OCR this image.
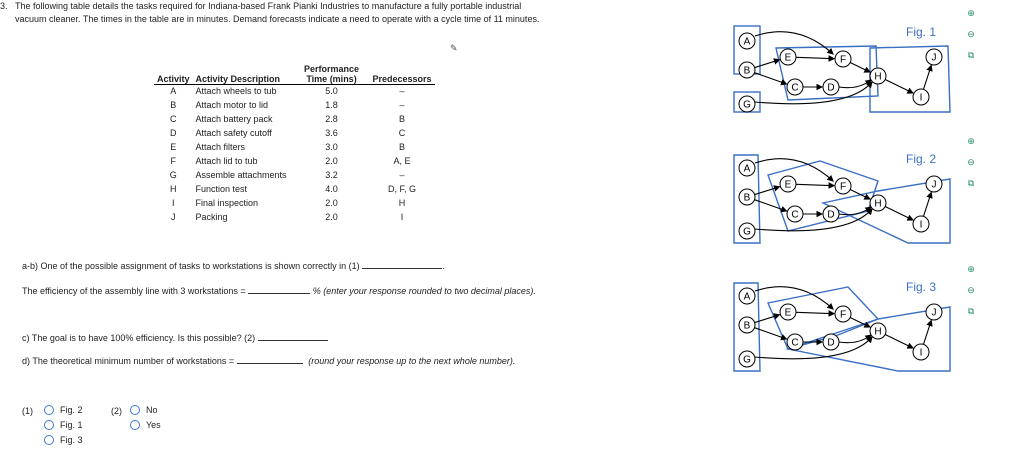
3. The following table details the tasks required for Indiana-based Frank Pianki Industries to manufacture a fully portable industrial vacuum cleaner. The times in the table are in minutes. Demand forecasts indicate a need to operate with a cycle time of 11 minutes.
✎
Activity	Activity Description	Performance Time (mins)	Predecessors
A	Attach wheels to tub	5.0	–
B	Attach motor to lid	1.8	–
C	Attach battery pack	2.8	B
D	Attach safety cutoff	3.6	C
E	Attach filters	3.0	B
F	Attach lid to tub	2.0	A, E
G	Assemble attachments	3.2	–
H	Function test	4.0	D, F, G
I	Final inspection	2.0	H
J	Packing	2.0	I
a-b) One of the possible assignment of tasks to workstations is shown correctly in (1)	.
The efficiency of the assembly line with 3 workstations =	% (enter your response rounded to two decimal places).
c) The goal is to have 100% efficiency. Is this possible? (2)
d) The theoretical minimum number of workstations =	(round your response up to the next whole number).
(1)	Fig. 2
Fig. 1
Fig. 3
(2)	No
Yes
A
B
C	D
E	F
G
H
I
J
A
B
C	D
E	F
G
H
I
J
A
B
C	D
E	F
G
H
I
J
Fig. 1
Fig. 2
Fig. 3
⊕
⊖
⧉
⊕
⊖
⧉
⊕
⊖
⧉
